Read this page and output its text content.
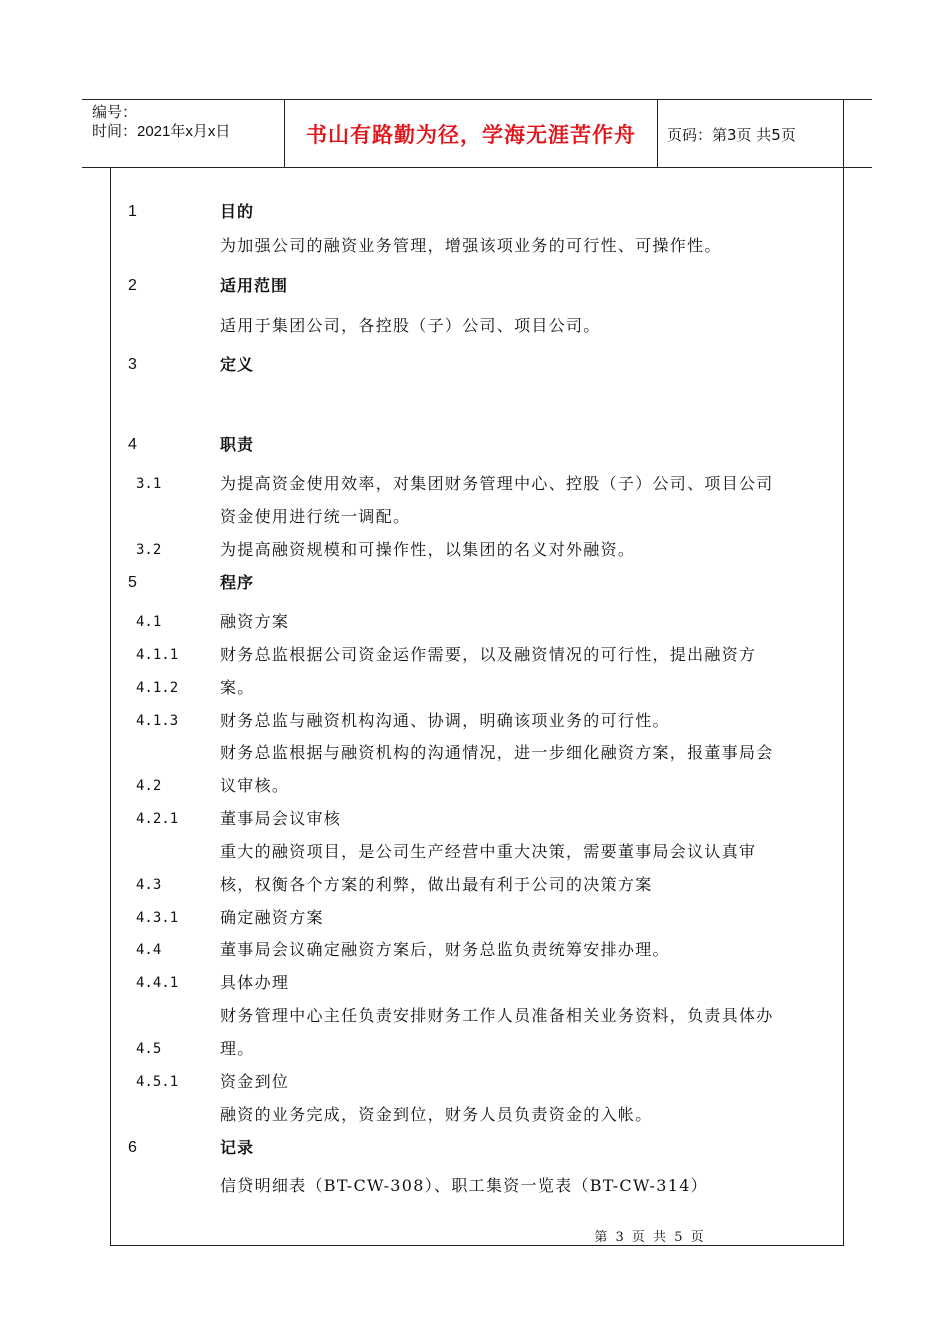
编号：
时间：2021年x月x日	书山有路勤为径，学海无涯苦作舟	页码：第3页 共5页
1	目的
为加强公司的融资业务管理，增强该项业务的可行性、可操作性。
2	适用范围
适用于集团公司，各控股（子）公司、项目公司。
3	定义
4	职责
3.1	为提高资金使用效率，对集团财务管理中心、控股（子）公司、项目公司
资金使用进行统一调配。
3.2	为提高融资规模和可操作性，以集团的名义对外融资。
5	程序
4.1	融资方案
4.1.1	财务总监根据公司资金运作需要，以及融资情况的可行性，提出融资方
4.1.2	案。
4.1.3	财务总监与融资机构沟通、协调，明确该项业务的可行性。
财务总监根据与融资机构的沟通情况，进一步细化融资方案，报董事局会
4.2	议审核。
4.2.1	董事局会议审核
重大的融资项目，是公司生产经营中重大决策，需要董事局会议认真审
4.3	核，权衡各个方案的利弊，做出最有利于公司的决策方案
4.3.1	确定融资方案
4.4	董事局会议确定融资方案后，财务总监负责统筹安排办理。
4.4.1	具体办理
财务管理中心主任负责安排财务工作人员准备相关业务资料，负责具体办
4.5	理。
4.5.1	资金到位
融资的业务完成，资金到位，财务人员负责资金的入帐。
6	记录
信贷明细表（BT-CW-308）、职工集资一览表（BT-CW-314）
第 3 页 共 5 页
